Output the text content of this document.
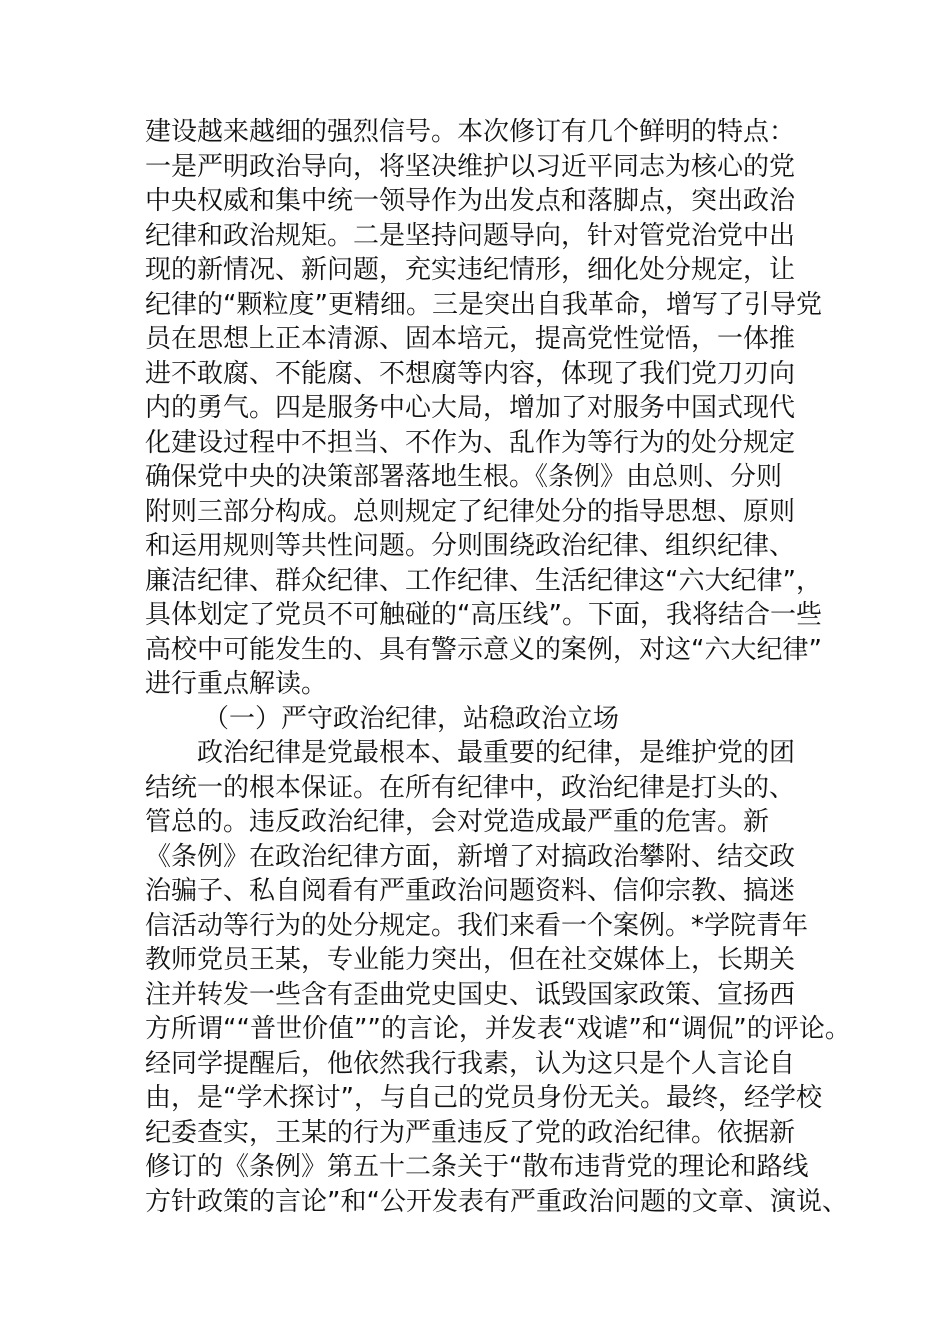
建设越来越细的强烈信号。本次修订有几个鲜明的特点：
一是严明政治导向，将坚决维护以习近平同志为核心的党
中央权威和集中统一领导作为出发点和落脚点，突出政治
纪律和政治规矩。二是坚持问题导向，针对管党治党中出
现的新情况、新问题，充实违纪情形，细化处分规定，让
纪律的“颗粒度”更精细。三是突出自我革命，增写了引导党
员在思想上正本清源、固本培元，提高党性觉悟，一体推
进不敢腐、不能腐、不想腐等内容，体现了我们党刀刃向
内的勇气。四是服务中心大局，增加了对服务中国式现代
化建设过程中不担当、不作为、乱作为等行为的处分规定
确保党中央的决策部署落地生根。《条例》由总则、分则
附则三部分构成。总则规定了纪律处分的指导思想、原则
和运用规则等共性问题。分则围绕政治纪律、组织纪律、
廉洁纪律、群众纪律、工作纪律、生活纪律这“六大纪律”，
具体划定了党员不可触碰的“高压线”。下面，我将结合一些
高校中可能发生的、具有警示意义的案例，对这“六大纪律”
进行重点解读。
（一）严守政治纪律，站稳政治立场
政治纪律是党最根本、最重要的纪律，是维护党的团
结统一的根本保证。在所有纪律中，政治纪律是打头的、
管总的。违反政治纪律，会对党造成最严重的危害。新
《条例》在政治纪律方面，新增了对搞政治攀附、结交政
治骗子、私自阅看有严重政治问题资料、信仰宗教、搞迷
信活动等行为的处分规定。我们来看一个案例。*学院青年
教师党员王某，专业能力突出，但在社交媒体上，长期关
注并转发一些含有歪曲党史国史、诋毁国家政策、宣扬西
方所谓““普世价值””的言论，并发表“戏谑”和“调侃”的评论。
经同学提醒后，他依然我行我素，认为这只是个人言论自
由，是“学术探讨”，与自己的党员身份无关。最终，经学校
纪委查实，王某的行为严重违反了党的政治纪律。依据新
修订的《条例》第五十二条关于“散布违背党的理论和路线
方针政策的言论”和“公开发表有严重政治问题的文章、演说、
